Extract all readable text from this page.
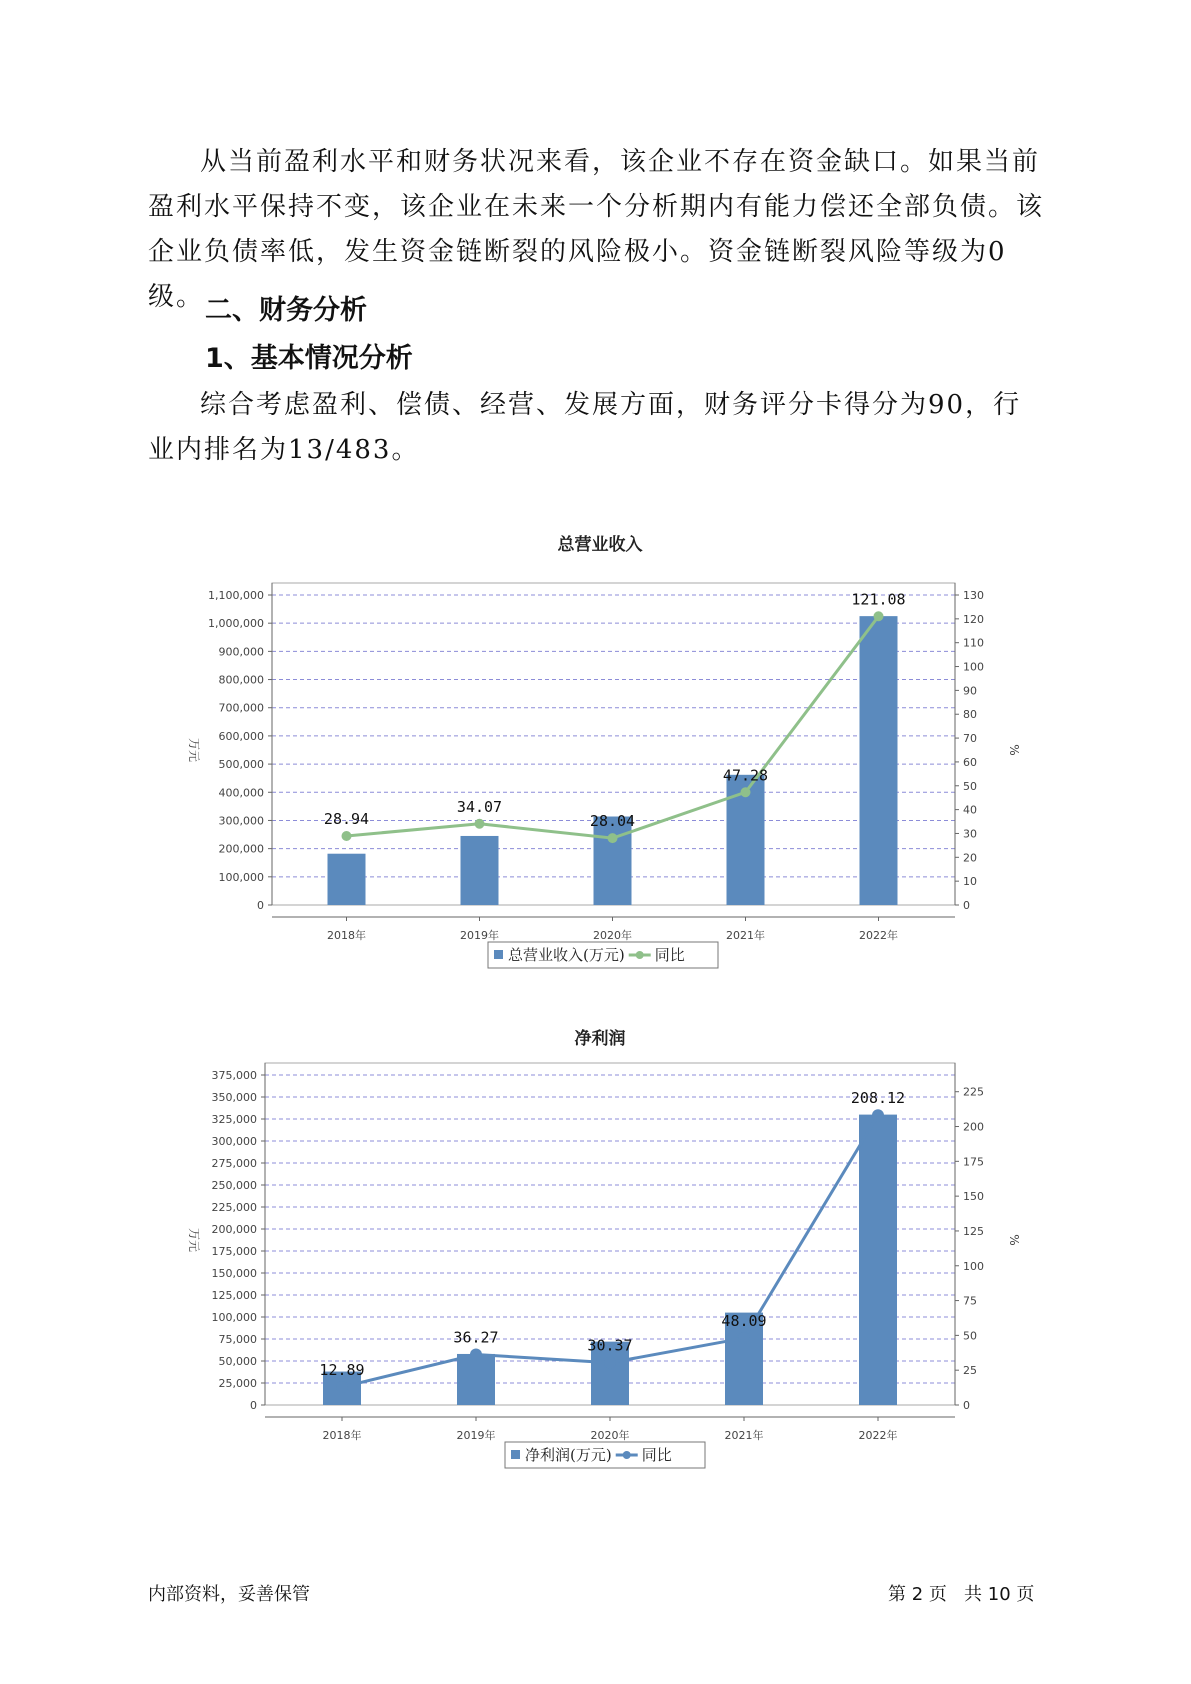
从当前盈利水平和财务状况来看，该企业不存在资金缺口。如果当前盈利水平保持不变，该企业在未来一个分析期内有能力偿还全部负债。该企业负债率低，发生资金链断裂的风险极小。资金链断裂风险等级为0级。 二、财务分析
1、基本情况分析

综合考虑盈利、偿债、经营、发展方面，财务评分卡得分为90，行业内排名为13/483。

总营业收入
0
100,000
200,000
300,000
400,000
500,000
600,000
700,000
800,000
900,000
1,000,000
1,100,000
0
10
20
30
40
50
60
70
80
90
100
110
120
130
万元	%
2018年	2019年	2020年	2021年	2022年
28.94
34.07
28.04
47.28
121.08
总营业收入(万元) 同比
净利润
0
25,000
50,000
75,000
100,000
125,000
150,000
175,000
200,000
225,000
250,000
275,000
300,000
325,000
350,000
375,000
0
25
50
75
100
125
150
175
200
225
万元	%
2018年	2019年	2020年	2021年	2022年
12.89
36.27	30.37
48.09
208.12
净利润(万元) 同比
内部资料，妥善保管	第 2 页   共 10 页
